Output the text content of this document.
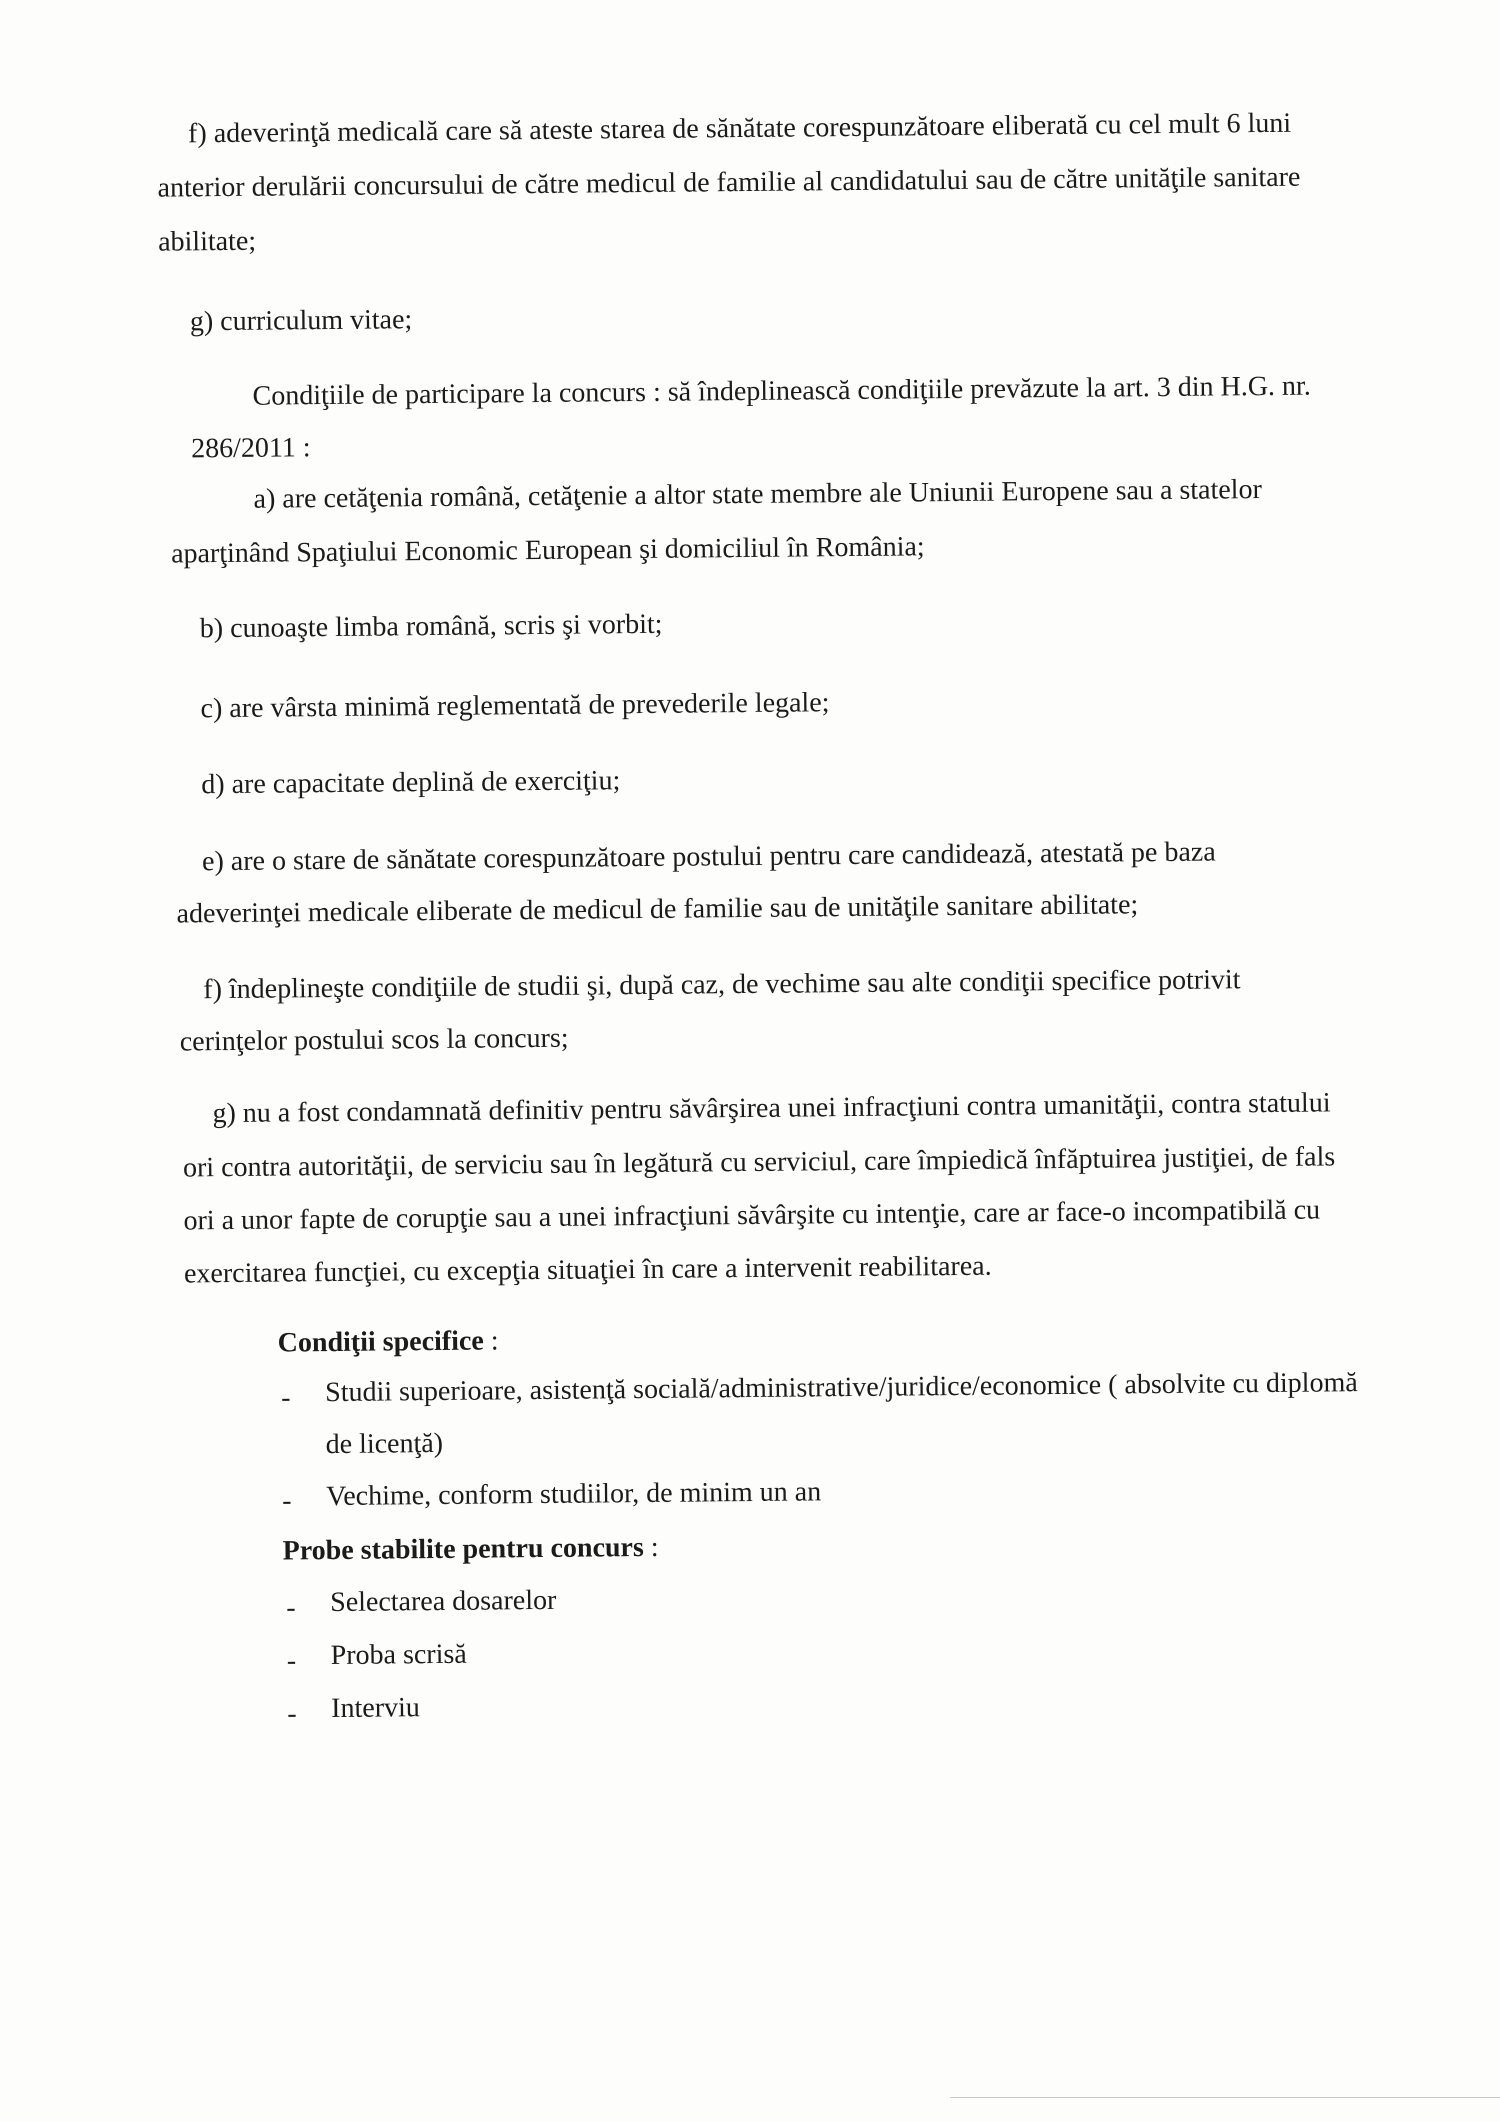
f) adeverinţă medicală care să ateste starea de sănătate corespunzătoare eliberată cu cel mult 6 luni
anterior derulării concursului de către medicul de familie al candidatului sau de către unităţile sanitare
abilitate;
g) curriculum vitae;
Condiţiile de participare la concurs : să îndeplinească condiţiile prevăzute la art. 3 din H.G. nr.
286/2011 :
a) are cetăţenia română, cetăţenie a altor state membre ale Uniunii Europene sau a statelor
aparţinând Spaţiului Economic European şi domiciliul în România;
b) cunoaşte limba română, scris şi vorbit;
c) are vârsta minimă reglementată de prevederile legale;
d) are capacitate deplină de exerciţiu;
e) are o stare de sănătate corespunzătoare postului pentru care candidează, atestată pe baza
adeverinţei medicale eliberate de medicul de familie sau de unităţile sanitare abilitate;
f) îndeplineşte condiţiile de studii şi, după caz, de vechime sau alte condiţii specifice potrivit
cerinţelor postului scos la concurs;
g) nu a fost condamnată definitiv pentru săvârşirea unei infracţiuni contra umanităţii, contra statului
ori contra autorităţii, de serviciu sau în legătură cu serviciul, care împiedică înfăptuirea justiţiei, de fals
ori a unor fapte de corupţie sau a unei infracţiuni săvârşite cu intenţie, care ar face-o incompatibilă cu
exercitarea funcţiei, cu excepţia situaţiei în care a intervenit reabilitarea.
Condiţii specifice :
- Studii superioare, asistenţă socială/administrative/juridice/economice ( absolvite cu diplomă
de licenţă)
- Vechime, conform studiilor, de minim un an
Probe stabilite pentru concurs :
- Selectarea dosarelor
- Proba scrisă
- Interviu
